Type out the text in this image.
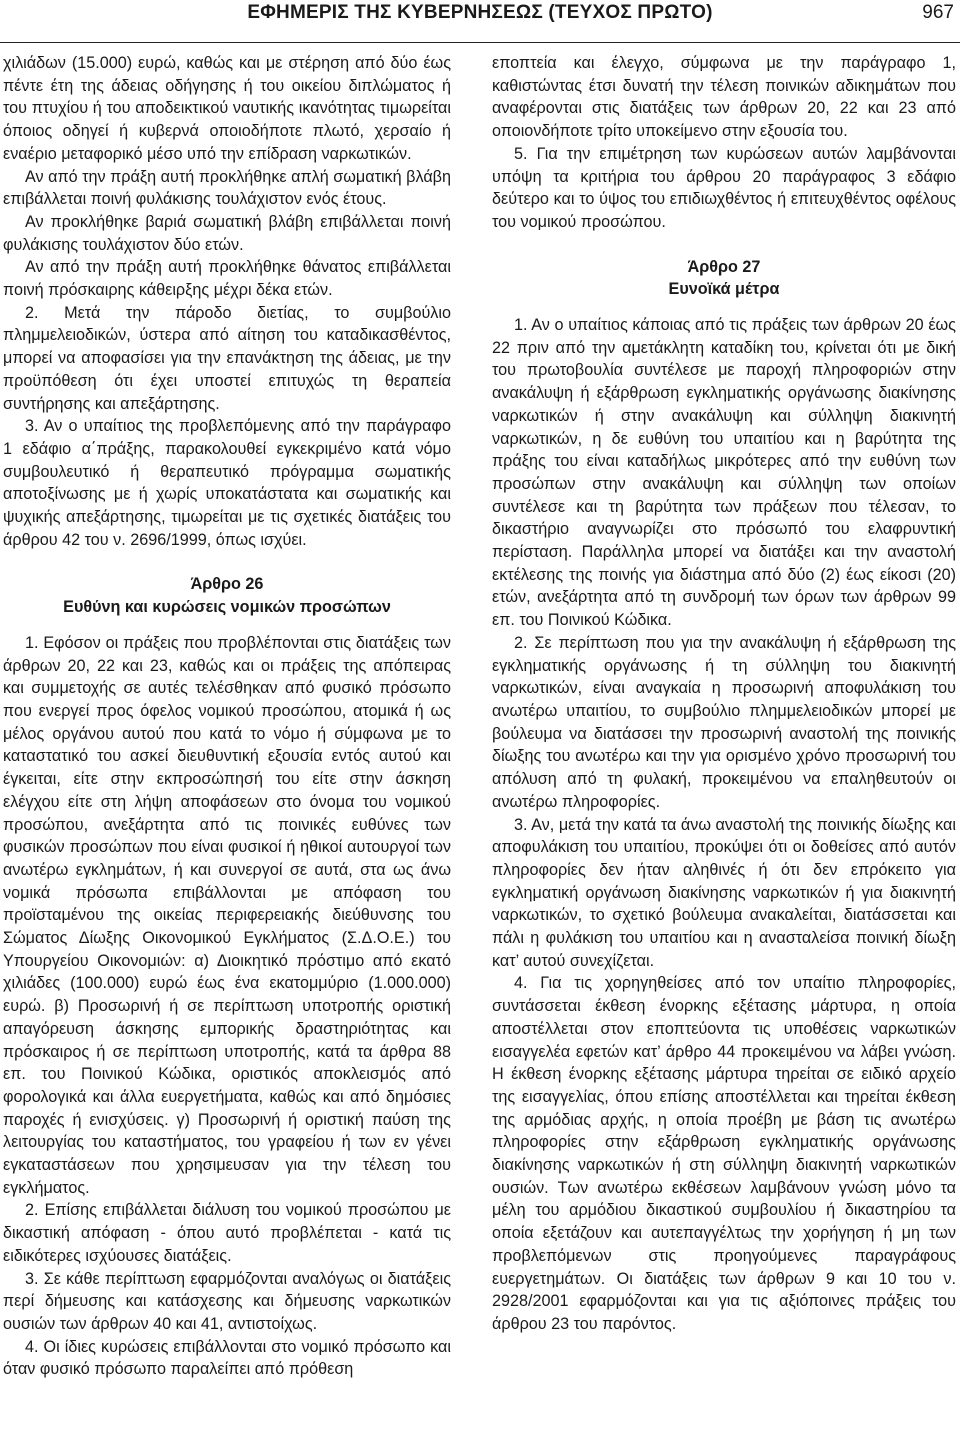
ΕΦΗΜΕΡΙΣ ΤΗΣ ΚΥΒΕΡΝΗΣΕΩΣ (ΤΕΥΧΟΣ ΠΡΩΤΟ)	967

χιλιάδων (15.000) ευρώ, καθώς και με στέρηση από δύο έως πέντε έτη της άδειας οδήγησης ή του οικείου διπλώματος ή του πτυχίου ή του αποδεικτικού ναυτικής ικανότητας τιμωρείται όποιος οδηγεί ή κυβερνά οποιοδήποτε πλωτό, χερσαίο ή εναέριο μεταφορικό μέσο υπό την επίδραση ναρκωτικών.

Αν από την πράξη αυτή προκλήθηκε απλή σωματική βλάβη επιβάλλεται ποινή φυλάκισης τουλάχιστον ενός έτους.

Αν προκλήθηκε βαριά σωματική βλάβη επιβάλλεται ποινή φυλάκισης τουλάχιστον δύο ετών.

Αν από την πράξη αυτή προκλήθηκε θάνατος επιβάλλεται ποινή πρόσκαιρης κάθειρξης μέχρι δέκα ετών.

2. Μετά την πάροδο διετίας, το συμβούλιο πλημμελειοδικών, ύστερα από αίτηση του καταδικασθέντος, μπορεί να αποφασίσει για την επανάκτηση της άδειας, με την προϋπόθεση ότι έχει υποστεί επιτυχώς τη θεραπεία συντήρησης και απεξάρτησης.

3. Αν ο υπαίτιος της προβλεπόμενης από την παράγραφο 1 εδάφιο α΄πράξης, παρακολουθεί εγκεκριμένο κατά νόμο συμβουλευτικό ή θεραπευτικό πρόγραμμα σωματικής αποτοξίνωσης με ή χωρίς υποκατάστατα και σωματικής και ψυχικής απεξάρτησης, τιμωρείται με τις σχετικές διατάξεις του άρθρου 42 του ν. 2696/1999, όπως ισχύει.

Άρθρο 26

Ευθύνη και κυρώσεις νομικών προσώπων

1. Εφόσον οι πράξεις που προβλέπονται στις διατάξεις των άρθρων 20, 22 και 23, καθώς και οι πράξεις της απόπειρας και συμμετοχής σε αυτές τελέσθηκαν από φυσικό πρόσωπο που ενεργεί προς όφελος νομικού προσώπου, ατομικά ή ως μέλος οργάνου αυτού που κατά το νόμο ή σύμφωνα με το καταστατικό του ασκεί διευθυντική εξουσία εντός αυτού και έγκειται, είτε στην εκπροσώπησή του είτε στην άσκηση ελέγχου είτε στη λήψη αποφάσεων στο όνομα του νομικού προσώπου, ανεξάρτητα από τις ποινικές ευθύνες των φυσικών προσώπων που είναι φυσικοί ή ηθικοί αυτουργοί των ανωτέρω εγκλημάτων, ή και συνεργοί σε αυτά, στα ως άνω νομικά πρόσωπα επιβάλλονται με απόφαση του προϊσταμένου της οικείας περιφερειακής διεύθυνσης του Σώματος Δίωξης Οικονομικού Εγκλήματος (Σ.Δ.Ο.Ε.) του Υπουργείου Οικονομιών: α) Διοικητικό πρόστιμο από εκατό χιλιάδες (100.000) ευρώ έως ένα εκατομμύριο (1.000.000) ευρώ. β) Προσωρινή ή σε περίπτωση υποτροπής οριστική απαγόρευση άσκησης εμπορικής δραστηριότητας και πρόσκαιρος ή σε περίπτωση υποτροπής, κατά τα άρθρα 88 επ. του Ποινικού Κώδικα, οριστικός αποκλεισμός από φορολογικά και άλλα ευεργετήματα, καθώς και από δημόσιες παροχές ή ενισχύσεις. γ) Προσωρινή ή οριστική παύση της λειτουργίας του καταστήματος, του γραφείου ή των εν γένει εγκαταστάσεων που χρησιμευσαν για την τέλεση του εγκλήματος.

2. Επίσης επιβάλλεται διάλυση του νομικού προσώπου με δικαστική απόφαση - όπου αυτό προβλέπεται - κατά τις ειδικότερες ισχύουσες διατάξεις.

3. Σε κάθε περίπτωση εφαρμόζονται αναλόγως οι διατάξεις περί δήμευσης και κατάσχεσης και δήμευσης ναρκωτικών ουσιών των άρθρων 40 και 41, αντιστοίχως.

4. Οι ίδιες κυρώσεις επιβάλλονται στο νομικό πρόσωπο και όταν φυσικό πρόσωπο παραλείπει από πρόθεση

εποπτεία και έλεγχο, σύμφωνα με την παράγραφο 1, καθιστώντας έτσι δυνατή την τέλεση ποινικών αδικημάτων που αναφέρονται στις διατάξεις των άρθρων 20, 22 και 23 από οποιονδήποτε τρίτο υποκείμενο στην εξουσία του.

5. Για την επιμέτρηση των κυρώσεων αυτών λαμβάνονται υπόψη τα κριτήρια του άρθρου 20 παράγραφος 3 εδάφιο δεύτερο και το ύψος του επιδιωχθέντος ή επιτευχθέντος οφέλους του νομικού προσώπου.

Άρθρο 27

Ευνοϊκά μέτρα

1. Αν ο υπαίτιος κάποιας από τις πράξεις των άρθρων 20 έως 22 πριν από την αμετάκλητη καταδίκη του, κρίνεται ότι με δική του πρωτοβουλία συντέλεσε με παροχή πληροφοριών στην ανακάλυψη ή εξάρθρωση εγκληματικής οργάνωσης διακίνησης ναρκωτικών ή στην ανακάλυψη και σύλληψη διακινητή ναρκωτικών, η δε ευθύνη του υπαιτίου και η βαρύτητα της πράξης του είναι καταδήλως μικρότερες από την ευθύνη των προσώπων στην ανακάλυψη και σύλληψη των οποίων συντέλεσε και τη βαρύτητα των πράξεων που τέλεσαν, το δικαστήριο αναγνωρίζει στο πρόσωπό του ελαφρυντική περίσταση. Παράλληλα μπορεί να διατάξει και την αναστολή εκτέλεσης της ποινής για διάστημα από δύο (2) έως είκοσι (20) ετών, ανεξάρτητα από τη συνδρομή των όρων των άρθρων 99 επ. του Ποινικού Κώδικα.

2. Σε περίπτωση που για την ανακάλυψη ή εξάρθρωση της εγκληματικής οργάνωσης ή τη σύλληψη του διακινητή ναρκωτικών, είναι αναγκαία η προσωρινή αποφυλάκιση του ανωτέρω υπαιτίου, το συμβούλιο πλημμελειοδικών μπορεί με βούλευμα να διατάσσει την προσωρινή αναστολή της ποινικής δίωξης του ανωτέρω και την για ορισμένο χρόνο προσωρινή του απόλυση από τη φυλακή, προκειμένου να επαληθευτούν οι ανωτέρω πληροφορίες.

3. Αν, μετά την κατά τα άνω αναστολή της ποινικής δίωξης και αποφυλάκιση του υπαιτίου, προκύψει ότι οι δοθείσες από αυτόν πληροφορίες δεν ήταν αληθινές ή ότι δεν επρόκειτο για εγκληματική οργάνωση διακίνησης ναρκωτικών ή για διακινητή ναρκωτικών, το σχετικό βούλευμα ανακαλείται, διατάσσεται και πάλι η φυλάκιση του υπαιτίου και η ανασταλείσα ποινική δίωξη κατ’ αυτού συνεχίζεται.

4. Για τις χορηγηθείσες από τον υπαίτιο πληροφορίες, συντάσσεται έκθεση ένορκης εξέτασης μάρτυρα, η οποία αποστέλλεται στον εποπτεύοντα τις υποθέσεις ναρκωτικών εισαγγελέα εφετών κατ’ άρθρο 44 προκειμένου να λάβει γνώση. Η έκθεση ένορκης εξέτασης μάρτυρα τηρείται σε ειδικό αρχείο της εισαγγελίας, όπου επίσης αποστέλλεται και τηρείται έκθεση της αρμόδιας αρχής, η οποία προέβη με βάση τις ανωτέρω πληροφορίες στην εξάρθρωση εγκληματικής οργάνωσης διακίνησης ναρκωτικών ή στη σύλληψη διακινητή ναρκωτικών ουσιών. Των ανωτέρω εκθέσεων λαμβάνουν γνώση μόνο τα μέλη του αρμόδιου δικαστικού συμβουλίου ή δικαστηρίου τα οποία εξετάζουν και αυτεπαγγέλτως την χορήγηση ή μη των προβλεπόμενων στις προηγούμενες παραγράφους ευεργετημάτων. Οι διατάξεις των άρθρων 9 και 10 του ν. 2928/2001 εφαρμόζονται και για τις αξιόποινες πράξεις του άρθρου 23 του παρόντος.
